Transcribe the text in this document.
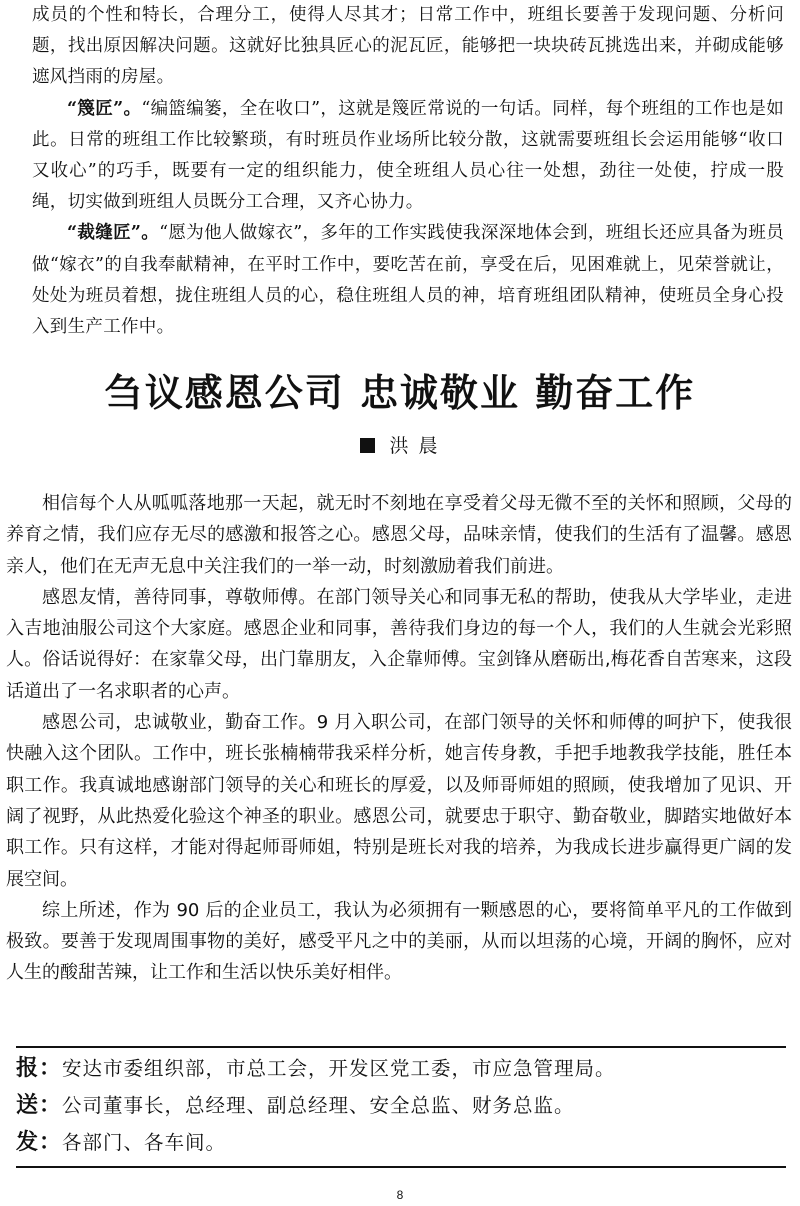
成员的个性和特长，合理分工，使得人尽其才；日常工作中，班组长要善于发现问题、分析问题，找出原因解决问题。这就好比独具匠心的泥瓦匠，能够把一块块砖瓦挑选出来，并砌成能够遮风挡雨的房屋。

“篾匠”。“编篮编篓，全在收口”，这就是篾匠常说的一句话。同样，每个班组的工作也是如此。日常的班组工作比较繁琐，有时班员作业场所比较分散，这就需要班组长会运用能够“收口又收心”的巧手，既要有一定的组织能力，使全班组人员心往一处想，劲往一处使，拧成一股绳，切实做到班组人员既分工合理，又齐心协力。

“裁缝匠”。“愿为他人做嫁衣”，多年的工作实践使我深深地体会到，班组长还应具备为班员做“嫁衣”的自我奉献精神，在平时工作中，要吃苦在前，享受在后，见困难就上，见荣誉就让，处处为班员着想，拢住班组人员的心，稳住班组人员的神，培育班组团队精神，使班员全身心投入到生产工作中。

刍议感恩公司 忠诚敬业 勤奋工作
洪 晨

相信每个人从呱呱落地那一天起，就无时不刻地在享受着父母无微不至的关怀和照顾，父母的养育之情，我们应存无尽的感激和报答之心。感恩父母，品味亲情，使我们的生活有了温馨。感恩亲人，他们在无声无息中关注我们的一举一动，时刻激励着我们前进。

感恩友情，善待同事，尊敬师傅。在部门领导关心和同事无私的帮助，使我从大学毕业，走进入吉地油服公司这个大家庭。感恩企业和同事，善待我们身边的每一个人，我们的人生就会光彩照人。俗话说得好：在家靠父母，出门靠朋友，入企靠师傅。宝剑锋从磨砺出,梅花香自苦寒来，这段话道出了一名求职者的心声。

感恩公司，忠诚敬业，勤奋工作。9 月入职公司，在部门领导的关怀和师傅的呵护下，使我很快融入这个团队。工作中，班长张楠楠带我采样分析，她言传身教，手把手地教我学技能，胜任本职工作。我真诚地感谢部门领导的关心和班长的厚爱，以及师哥师姐的照顾，使我增加了见识、开阔了视野，从此热爱化验这个神圣的职业。感恩公司，就要忠于职守、勤奋敬业，脚踏实地做好本职工作。只有这样，才能对得起师哥师姐，特别是班长对我的培养，为我成长进步赢得更广阔的发展空间。

综上所述，作为 90 后的企业员工，我认为必须拥有一颗感恩的心，要将简单平凡的工作做到极致。要善于发现周围事物的美好，感受平凡之中的美丽，从而以坦荡的心境，开阔的胸怀，应对人生的酸甜苦辣，让工作和生活以快乐美好相伴。

报：安达市委组织部，市总工会，开发区党工委，市应急管理局。
送：公司董事长，总经理、副总经理、安全总监、财务总监。
发：各部门、各车间。
8
